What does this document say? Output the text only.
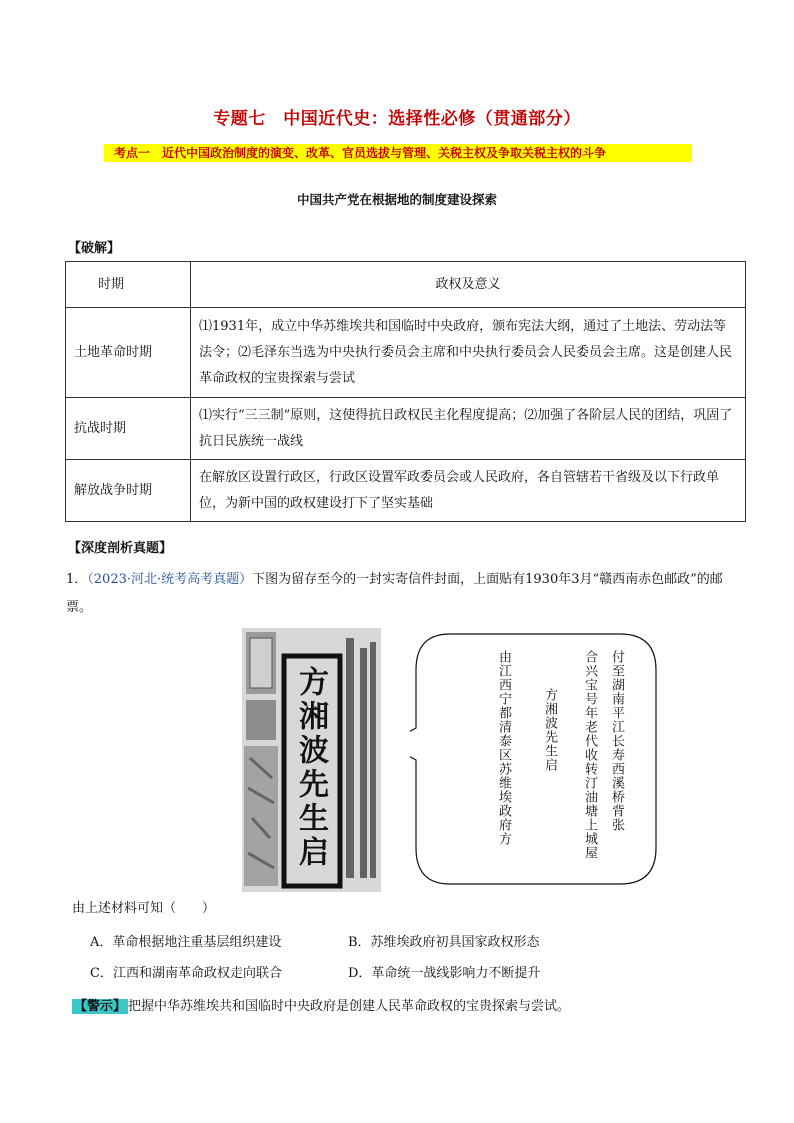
专题七　中国近代史：选择性必修（贯通部分）
考点一　近代中国政治制度的演变、改革、官员选拔与管理、关税主权及争取关税主权的斗争
中国共产党在根据地的制度建设探索
【破解】
时期	政权及意义
土地革命时期	⑴1931年，成立中华苏维埃共和国临时中央政府，颁布宪法大纲，通过了土地法、劳动法等法令；⑵毛泽东当选为中央执行委员会主席和中央执行委员会人民委员会主席。这是创建人民革命政权的宝贵探索与尝试
抗战时期	⑴实行“三三制”原则，这使得抗日政权民主化程度提高；⑵加强了各阶层人民的团结，巩固了抗日民族统一战线
解放战争时期	在解放区设置行政区，行政区设置军政委员会或人民政府，各自管辖若干省级及以下行政单位，为新中国的政权建设打下了坚实基础
【深度剖析真题】
1．（2023·河北·统考高考真题）下图为留存至今的一封实寄信件封面，上面贴有1930年3月“赣西南赤色邮政”的邮票。
方湘波先生启	付至湖南平江长寿西溪桥背张
合兴宝号年老代收转汀油塘上城屋
方湘波先生启
由江西宁都清泰区苏维埃政府方
由上述材料可知（　　）
A．革命根据地注重基层组织建设	B．苏维埃政府初具国家政权形态
C．江西和湖南革命政权走向联合	D．革命统一战线影响力不断提升
【警示】 把握中华苏维埃共和国临时中央政府是创建人民革命政权的宝贵探索与尝试。
